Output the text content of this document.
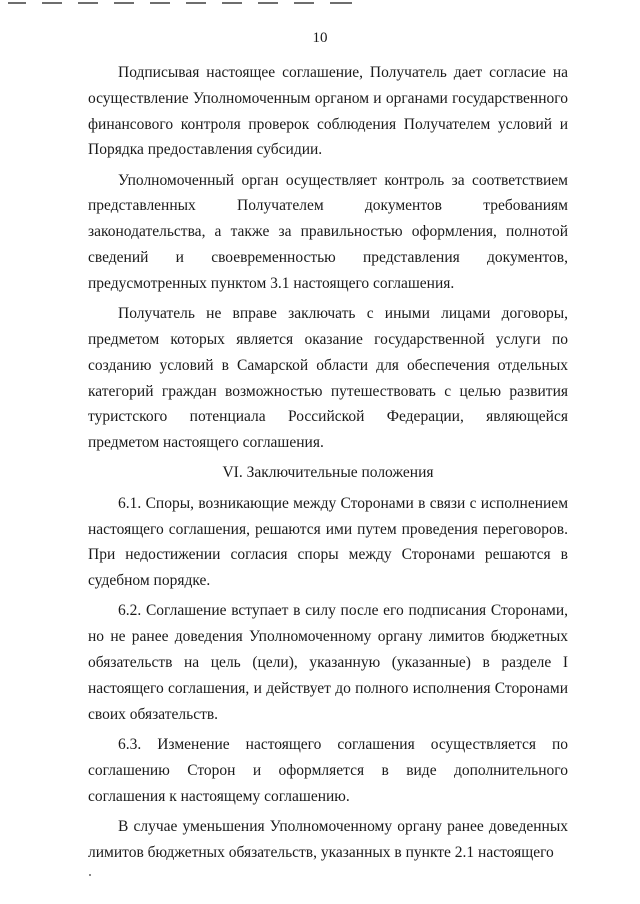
10

Подписывая настоящее соглашение, Получатель дает согласие на осуществление Уполномоченным органом и органами государственного финансового контроля проверок соблюдения Получателем условий и Порядка предоставления субсидии.

Уполномоченный орган осуществляет контроль за соответствием представленных Получателем документов требованиям законодательства, а также за правильностью оформления, полнотой сведений и своевременностью представления документов, предусмотренных пунктом 3.1 настоящего соглашения.

Получатель не вправе заключать с иными лицами договоры, предметом которых является оказание государственной услуги по созданию условий в Самарской области для обеспечения отдельных категорий граждан возможностью путешествовать с целью развития туристского потенциала Российской Федерации, являющейся предметом настоящего соглашения.

VI. Заключительные положения

6.1. Споры, возникающие между Сторонами в связи с исполнением настоящего соглашения, решаются ими путем проведения переговоров. При недостижении согласия споры между Сторонами решаются в судебном порядке.

6.2. Соглашение вступает в силу после его подписания Сторонами, но не ранее доведения Уполномоченному органу лимитов бюджетных обязательств на цель (цели), указанную (указанные) в разделе I настоящего соглашения, и действует до полного исполнения Сторонами своих обязательств.

6.3. Изменение настоящего соглашения осуществляется по соглашению Сторон и оформляется в виде дополнительного соглашения к настоящему соглашению.

В случае уменьшения Уполномоченному органу ранее доведенных лимитов бюджетных обязательств, указанных в пункте 2.1 настоящего
